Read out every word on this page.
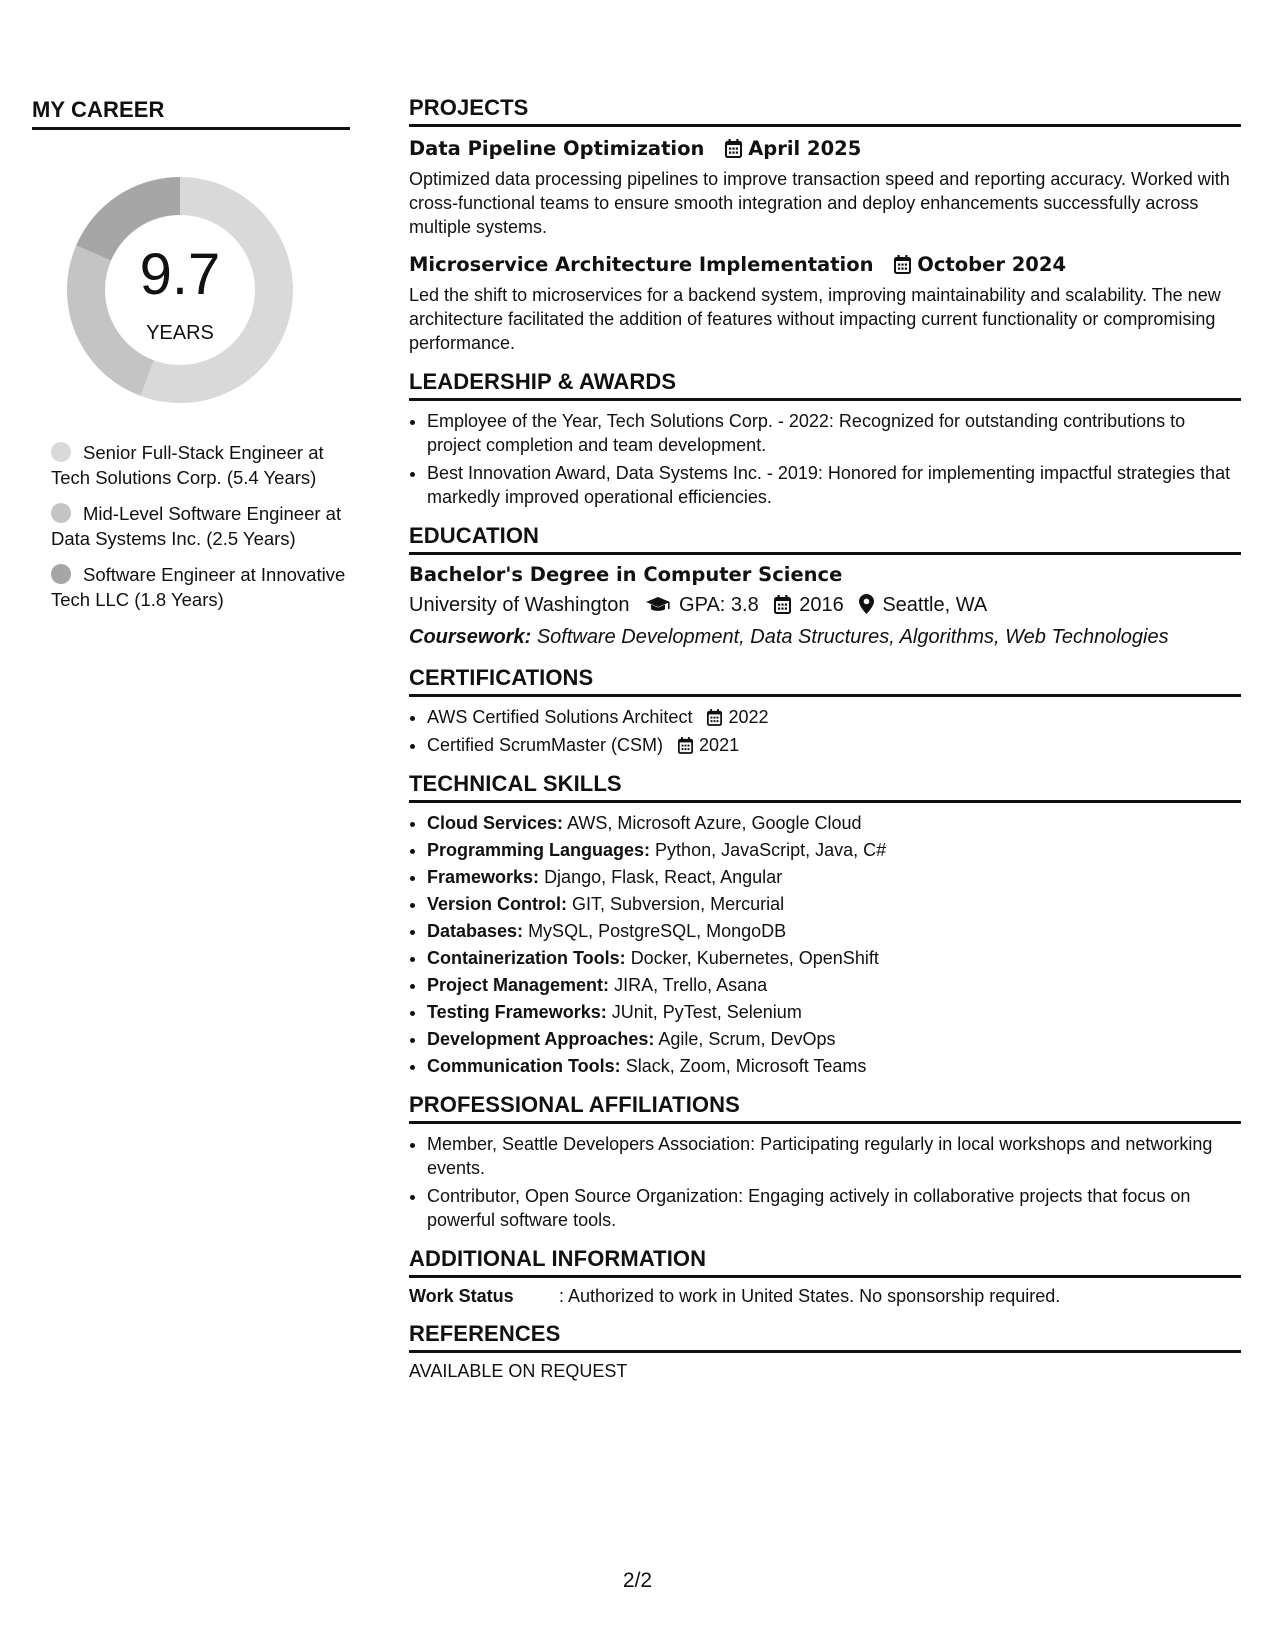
MY CAREER
9.7
YEARS
Senior Full-Stack Engineer at Tech Solutions Corp. (5.4 Years)
Mid-Level Software Engineer at Data Systems Inc. (2.5 Years)
Software Engineer at Innovative Tech LLC (1.8 Years)
PROJECTS
Data Pipeline Optimization April 2025
Optimized data processing pipelines to improve transaction speed and reporting accuracy. Worked with cross-functional teams to ensure smooth integration and deploy enhancements successfully across multiple systems.
Microservice Architecture Implementation October 2024
Led the shift to microservices for a backend system, improving maintainability and scalability. The new architecture facilitated the addition of features without impacting current functionality or compromising performance.
LEADERSHIP & AWARDS
• Employee of the Year, Tech Solutions Corp. - 2022: Recognized for outstanding contributions to project completion and team development.
• Best Innovation Award, Data Systems Inc. - 2019: Honored for implementing impactful strategies that markedly improved operational efficiencies.
EDUCATION
Bachelor's Degree in Computer Science
University of Washington GPA: 3.8 2016 Seattle, WA
Coursework: Software Development, Data Structures, Algorithms, Web Technologies
CERTIFICATIONS
• AWS Certified Solutions Architect 2022
• Certified ScrumMaster (CSM) 2021
TECHNICAL SKILLS
• Cloud Services: AWS, Microsoft Azure, Google Cloud
• Programming Languages: Python, JavaScript, Java, C#
• Frameworks: Django, Flask, React, Angular
• Version Control: GIT, Subversion, Mercurial
• Databases: MySQL, PostgreSQL, MongoDB
• Containerization Tools: Docker, Kubernetes, OpenShift
• Project Management: JIRA, Trello, Asana
• Testing Frameworks: JUnit, PyTest, Selenium
• Development Approaches: Agile, Scrum, DevOps
• Communication Tools: Slack, Zoom, Microsoft Teams
PROFESSIONAL AFFILIATIONS
• Member, Seattle Developers Association: Participating regularly in local workshops and networking events.
• Contributor, Open Source Organization: Engaging actively in collaborative projects that focus on powerful software tools.
ADDITIONAL INFORMATION
Work Status	: Authorized to work in United States. No sponsorship required.
REFERENCES
AVAILABLE ON REQUEST
2/2
